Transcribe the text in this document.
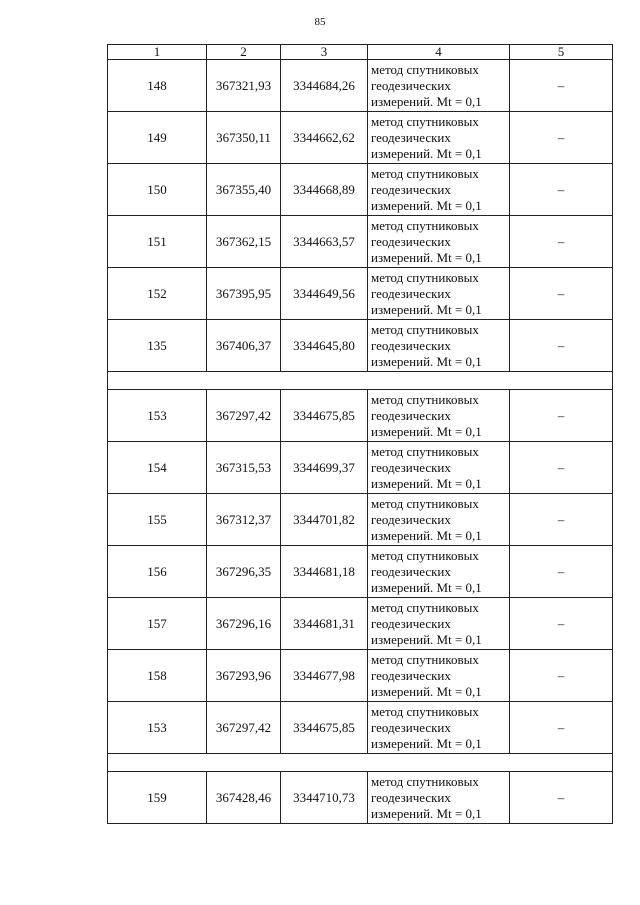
85
1	2	3	4	5
148	367321,93	3344684,26	метод спутниковых
геодезических
измерений. Mt = 0,1	–
149	367350,11	3344662,62	метод спутниковых
геодезических
измерений. Mt = 0,1	–
150	367355,40	3344668,89	метод спутниковых
геодезических
измерений. Mt = 0,1	–
151	367362,15	3344663,57	метод спутниковых
геодезических
измерений. Mt = 0,1	–
152	367395,95	3344649,56	метод спутниковых
геодезических
измерений. Mt = 0,1	–
135	367406,37	3344645,80	метод спутниковых
геодезических
измерений. Mt = 0,1	–

153	367297,42	3344675,85	метод спутниковых
геодезических
измерений. Mt = 0,1	–
154	367315,53	3344699,37	метод спутниковых
геодезических
измерений. Mt = 0,1	–
155	367312,37	3344701,82	метод спутниковых
геодезических
измерений. Mt = 0,1	–
156	367296,35	3344681,18	метод спутниковых
геодезических
измерений. Mt = 0,1	–
157	367296,16	3344681,31	метод спутниковых
геодезических
измерений. Mt = 0,1	–
158	367293,96	3344677,98	метод спутниковых
геодезических
измерений. Mt = 0,1	–
153	367297,42	3344675,85	метод спутниковых
геодезических
измерений. Mt = 0,1	–

159	367428,46	3344710,73	метод спутниковых
геодезических
измерений. Mt = 0,1	–
